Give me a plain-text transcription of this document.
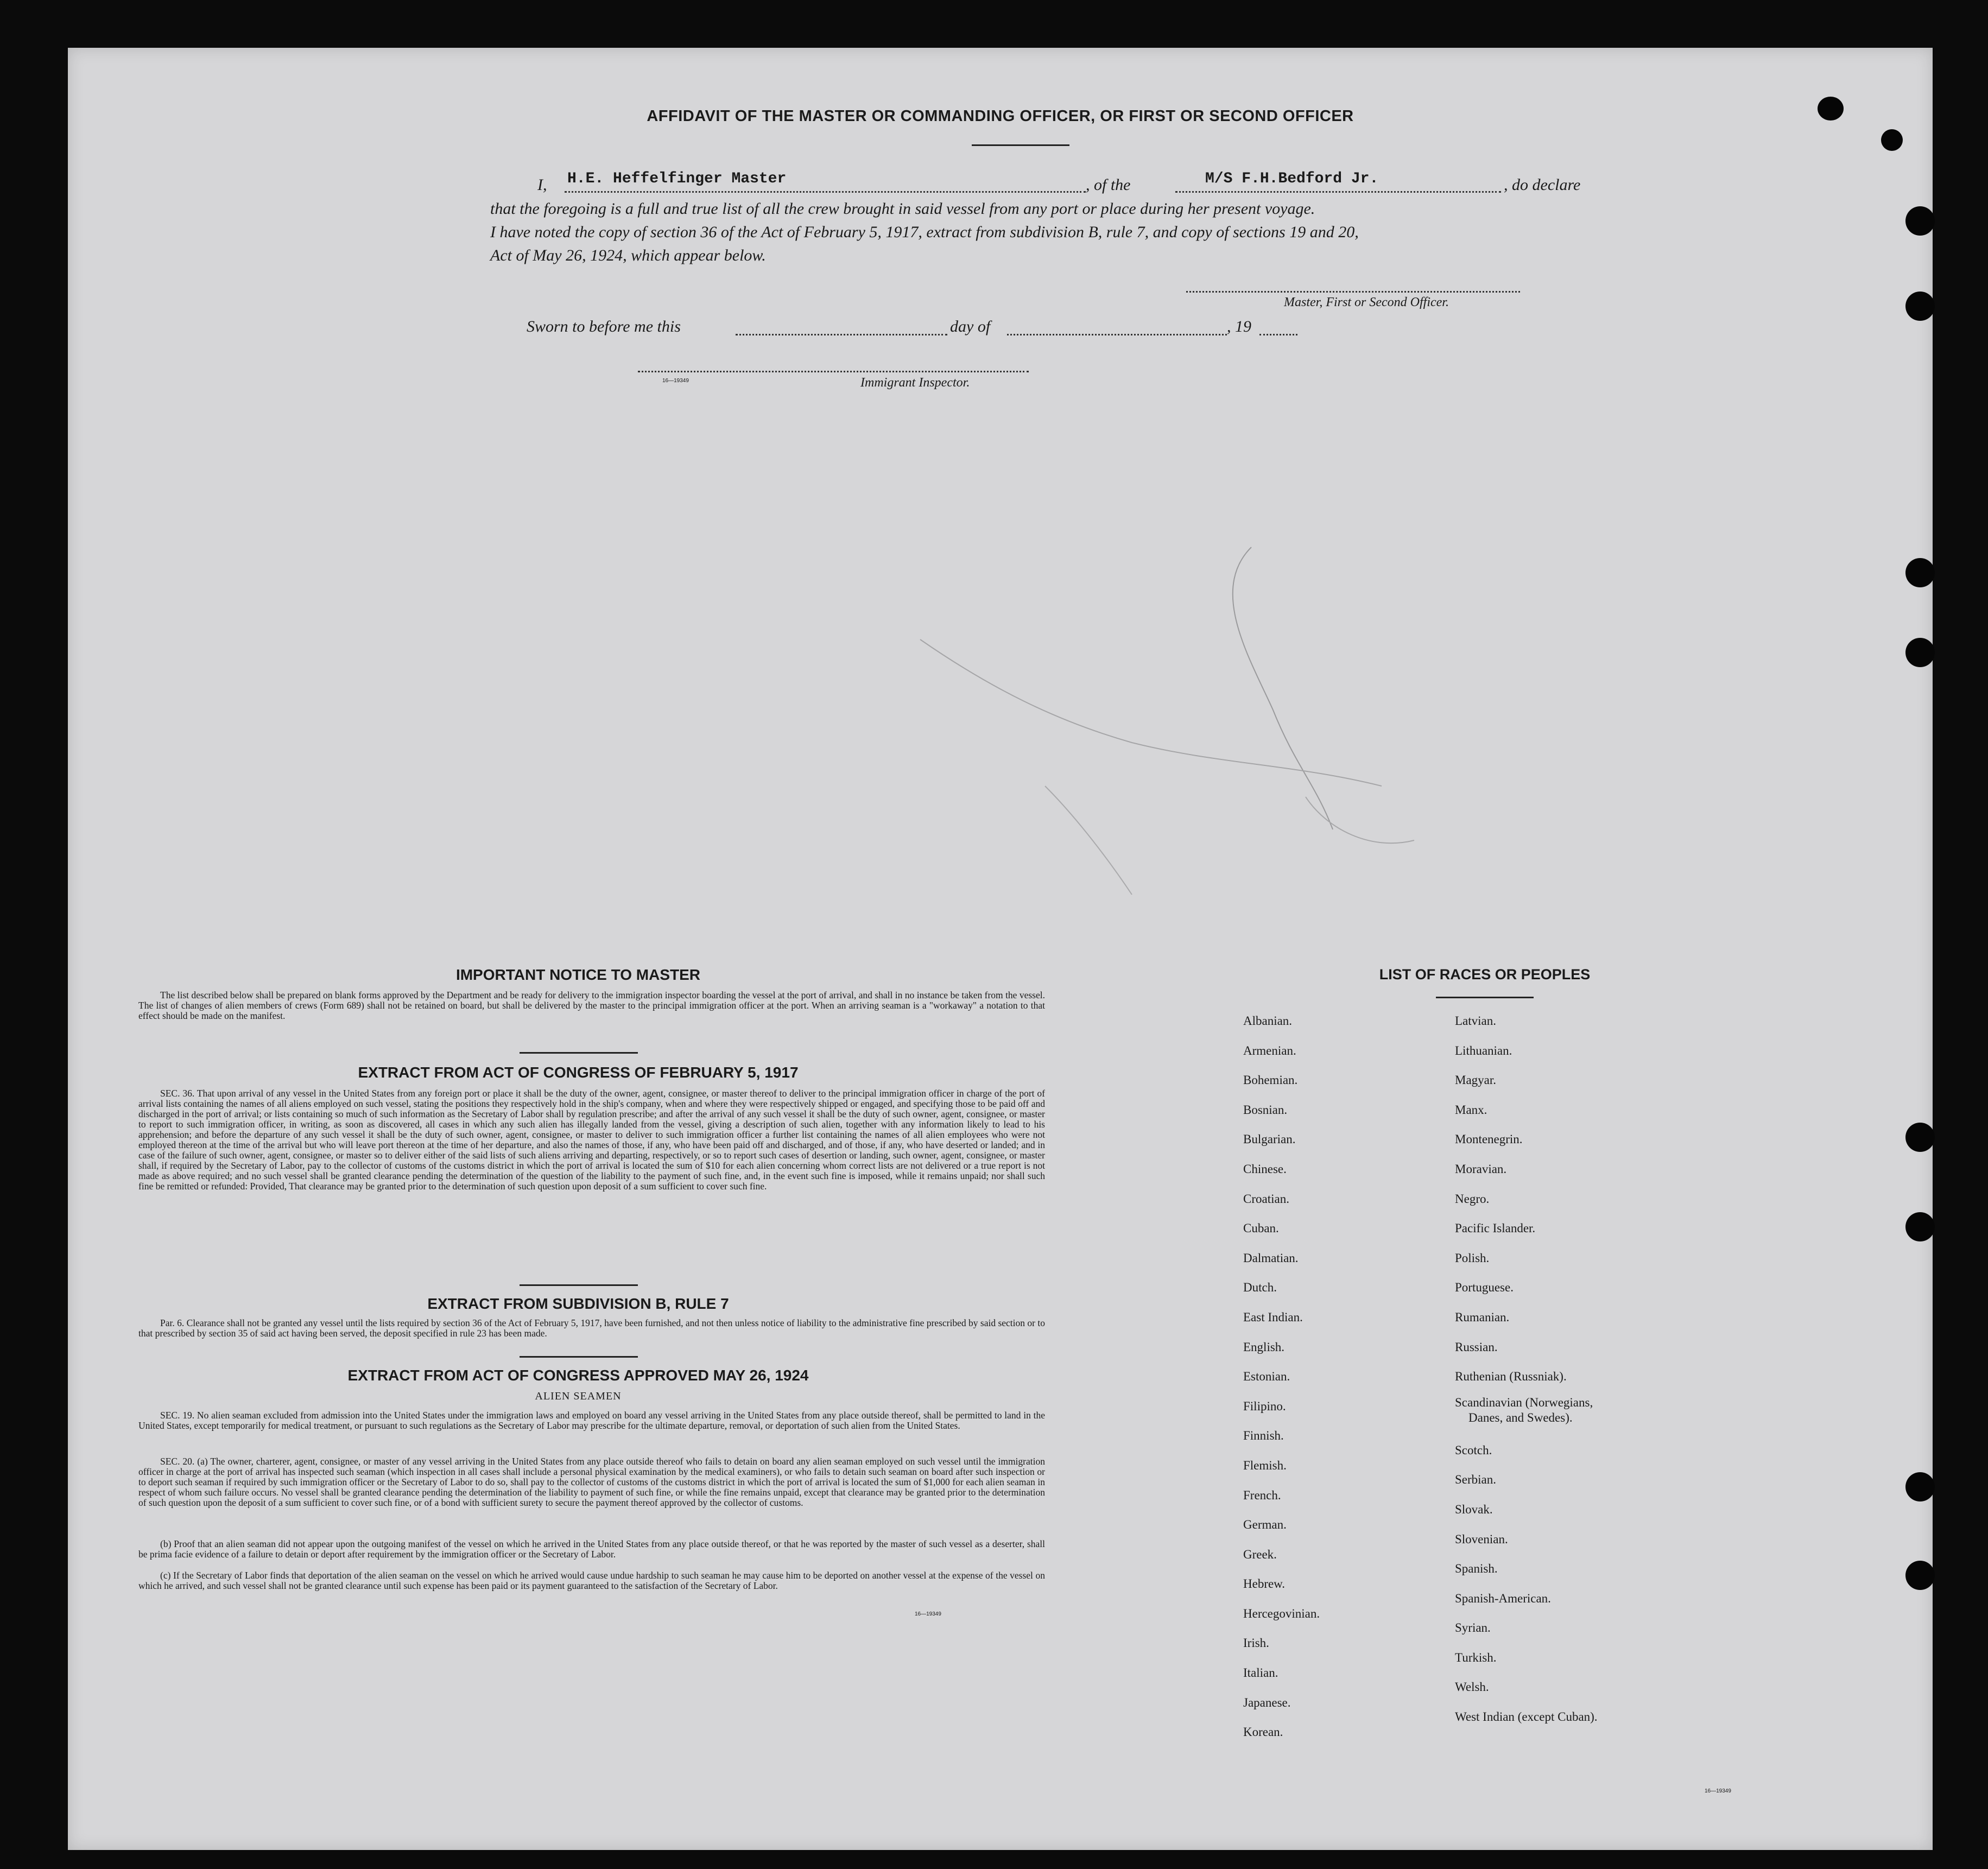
AFFIDAVIT OF THE MASTER OR COMMANDING OFFICER, OR FIRST OR SECOND OFFICER
I, H.E. Heffelfinger Master	, of the	M/S F.H.Bedford Jr.	, do declare
that the foregoing is a full and true list of all the crew brought in said vessel from any port or place during her present voyage.
I have noted the copy of section 36 of the Act of February 5, 1917, extract from subdivision B, rule 7, and copy of sections 19 and 20,
Act of May 26, 1924, which appear below.
Master, First or Second Officer.
Sworn to before me this	day of	, 19
16—19349	Immigrant Inspector.
IMPORTANT NOTICE TO MASTER
The list described below shall be prepared on blank forms approved by the Department and be ready for delivery to the immigration inspector boarding the vessel at the port of arrival, and shall in no instance be taken from the vessel. The list of changes of alien members of crews (Form 689) shall not be retained on board, but shall be delivered by the master to the principal immigration officer at the port. When an arriving seaman is a "workaway" a notation to that effect should be made on the manifest.
EXTRACT FROM ACT OF CONGRESS OF FEBRUARY 5, 1917
SEC. 36. That upon arrival of any vessel in the United States from any foreign port or place it shall be the duty of the owner, agent, consignee, or master thereof to deliver to the principal immigration officer in charge of the port of arrival lists containing the names of all aliens employed on such vessel, stating the positions they respectively hold in the ship's company, when and where they were respectively shipped or engaged, and specifying those to be paid off and discharged in the port of arrival; or lists containing so much of such information as the Secretary of Labor shall by regulation prescribe; and after the arrival of any such vessel it shall be the duty of such owner, agent, consignee, or master to report to such immigration officer, in writing, as soon as discovered, all cases in which any such alien has illegally landed from the vessel, giving a description of such alien, together with any information likely to lead to his apprehension; and before the departure of any such vessel it shall be the duty of such owner, agent, consignee, or master to deliver to such immigration officer a further list containing the names of all alien employees who were not employed thereon at the time of the arrival but who will leave port thereon at the time of her departure, and also the names of those, if any, who have been paid off and discharged, and of those, if any, who have deserted or landed; and in case of the failure of such owner, agent, consignee, or master so to deliver either of the said lists of such aliens arriving and departing, respectively, or so to report such cases of desertion or landing, such owner, agent, consignee, or master shall, if required by the Secretary of Labor, pay to the collector of customs of the customs district in which the port of arrival is located the sum of $10 for each alien concerning whom correct lists are not delivered or a true report is not made as above required; and no such vessel shall be granted clearance pending the determination of the question of the liability to the payment of such fine, and, in the event such fine is imposed, while it remains unpaid; nor shall such fine be remitted or refunded: Provided, That clearance may be granted prior to the determination of such question upon deposit of a sum sufficient to cover such fine.
EXTRACT FROM SUBDIVISION B, RULE 7
Par. 6. Clearance shall not be granted any vessel until the lists required by section 36 of the Act of February 5, 1917, have been furnished, and not then unless notice of liability to the administrative fine prescribed by said section or to that prescribed by section 35 of said act having been served, the deposit specified in rule 23 has been made.
EXTRACT FROM ACT OF CONGRESS APPROVED MAY 26, 1924
ALIEN SEAMEN
SEC. 19. No alien seaman excluded from admission into the United States under the immigration laws and employed on board any vessel arriving in the United States from any place outside thereof, shall be permitted to land in the United States, except temporarily for medical treatment, or pursuant to such regulations as the Secretary of Labor may prescribe for the ultimate departure, removal, or deportation of such alien from the United States.
SEC. 20. (a) The owner, charterer, agent, consignee, or master of any vessel arriving in the United States from any place outside thereof who fails to detain on board any alien seaman employed on such vessel until the immigration officer in charge at the port of arrival has inspected such seaman (which inspection in all cases shall include a personal physical examination by the medical examiners), or who fails to detain such seaman on board after such inspection or to deport such seaman if required by such immigration officer or the Secretary of Labor to do so, shall pay to the collector of customs of the customs district in which the port of arrival is located the sum of $1,000 for each alien seaman in respect of whom such failure occurs. No vessel shall be granted clearance pending the determination of the liability to payment of such fine, or while the fine remains unpaid, except that clearance may be granted prior to the determination of such question upon the deposit of a sum sufficient to cover such fine, or of a bond with sufficient surety to secure the payment thereof approved by the collector of customs.
(b) Proof that an alien seaman did not appear upon the outgoing manifest of the vessel on which he arrived in the United States from any place outside thereof, or that he was reported by the master of such vessel as a deserter, shall be prima facie evidence of a failure to detain or deport after requirement by the immigration officer or the Secretary of Labor.
(c) If the Secretary of Labor finds that deportation of the alien seaman on the vessel on which he arrived would cause undue hardship to such seaman he may cause him to be deported on another vessel at the expense of the vessel on which he arrived, and such vessel shall not be granted clearance until such expense has been paid or its payment guaranteed to the satisfaction of the Secretary of Labor.
16—19349
LIST OF RACES OR PEOPLES
Albanian.
Armenian.
Bohemian.
Bosnian.
Bulgarian.
Chinese.
Croatian.
Cuban.
Dalmatian.
Dutch.
East Indian.
English.
Estonian.
Filipino.
Finnish.
Flemish.
French.
German.
Greek.
Hebrew.
Hercegovinian.
Irish.
Italian.
Japanese.
Korean.
Latvian.
Lithuanian.
Magyar.
Manx.
Montenegrin.
Moravian.
Negro.
Pacific Islander.
Polish.
Portuguese.
Rumanian.
Russian.
Ruthenian (Russniak).
Scandinavian (Norwegians,
Danes, and Swedes).
Scotch.
Serbian.
Slovak.
Slovenian.
Spanish.
Spanish-American.
Syrian.
Turkish.
Welsh.
West Indian (except Cuban).
16—19349
